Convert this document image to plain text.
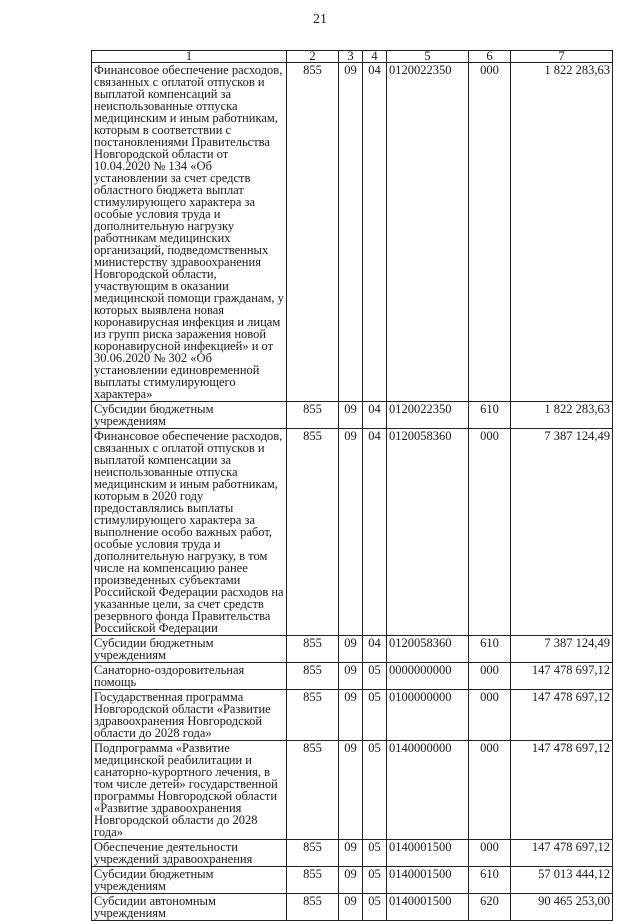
21
1	2	3	4	5	6	7
Финансовое обеспечение расходов, связанных с оплатой отпусков и выплатой компенсаций за неиспользованные отпуска медицинским и иным работникам, которым в соответствии с постановлениями Правительства Новгородской области от 10.04.2020 № 134 «Об установлении за счет средств областного бюджета выплат стимулирующего характера за особые условия труда и дополнительную нагрузку работникам медицинских организаций, подведомственных министерству здравоохранения Новгородской области, участвующим в оказании медицинской помощи гражданам, у которых выявлена новая коронавирусная инфекция и лицам из групп риска заражения новой коронавирусной инфекцией» и от 30.06.2020 № 302 «Об установлении единовременной выплаты стимулирующего характера»	855	09	04	0120022350	000	1 822 283,63
Субсидии бюджетным учреждениям	855	09	04	0120022350	610	1 822 283,63
Финансовое обеспечение расходов, связанных с оплатой отпусков и выплатой компенсации за неиспользованные отпуска медицинским и иным работникам, которым в 2020 году предоставлялись выплаты стимулирующего характера за выполнение особо важных работ, особые условия труда и дополнительную нагрузку, в том числе на компенсацию ранее произведенных субъектами Российской Федерации расходов на указанные цели, за счет средств резервного фонда Правительства Российской Федерации	855	09	04	0120058360	000	7 387 124,49
Субсидии бюджетным учреждениям	855	09	04	0120058360	610	7 387 124,49
Санаторно-оздоровительная помощь	855	09	05	0000000000	000	147 478 697,12
Государственная программа Новгородской области «Развитие здравоохранения Новгородской области до 2028 года»	855	09	05	0100000000	000	147 478 697,12
Подпрограмма «Развитие медицинской реабилитации и санаторно-курортного лечения, в том числе детей» государственной программы Новгородской области «Развитие здравоохранения Новгородской области до 2028 года»	855	09	05	0140000000	000	147 478 697,12
Обеспечение деятельности учреждений здравоохранения	855	09	05	0140001500	000	147 478 697,12
Субсидии бюджетным учреждениям	855	09	05	0140001500	610	57 013 444,12
Субсидии автономным учреждениям	855	09	05	0140001500	620	90 465 253,00
